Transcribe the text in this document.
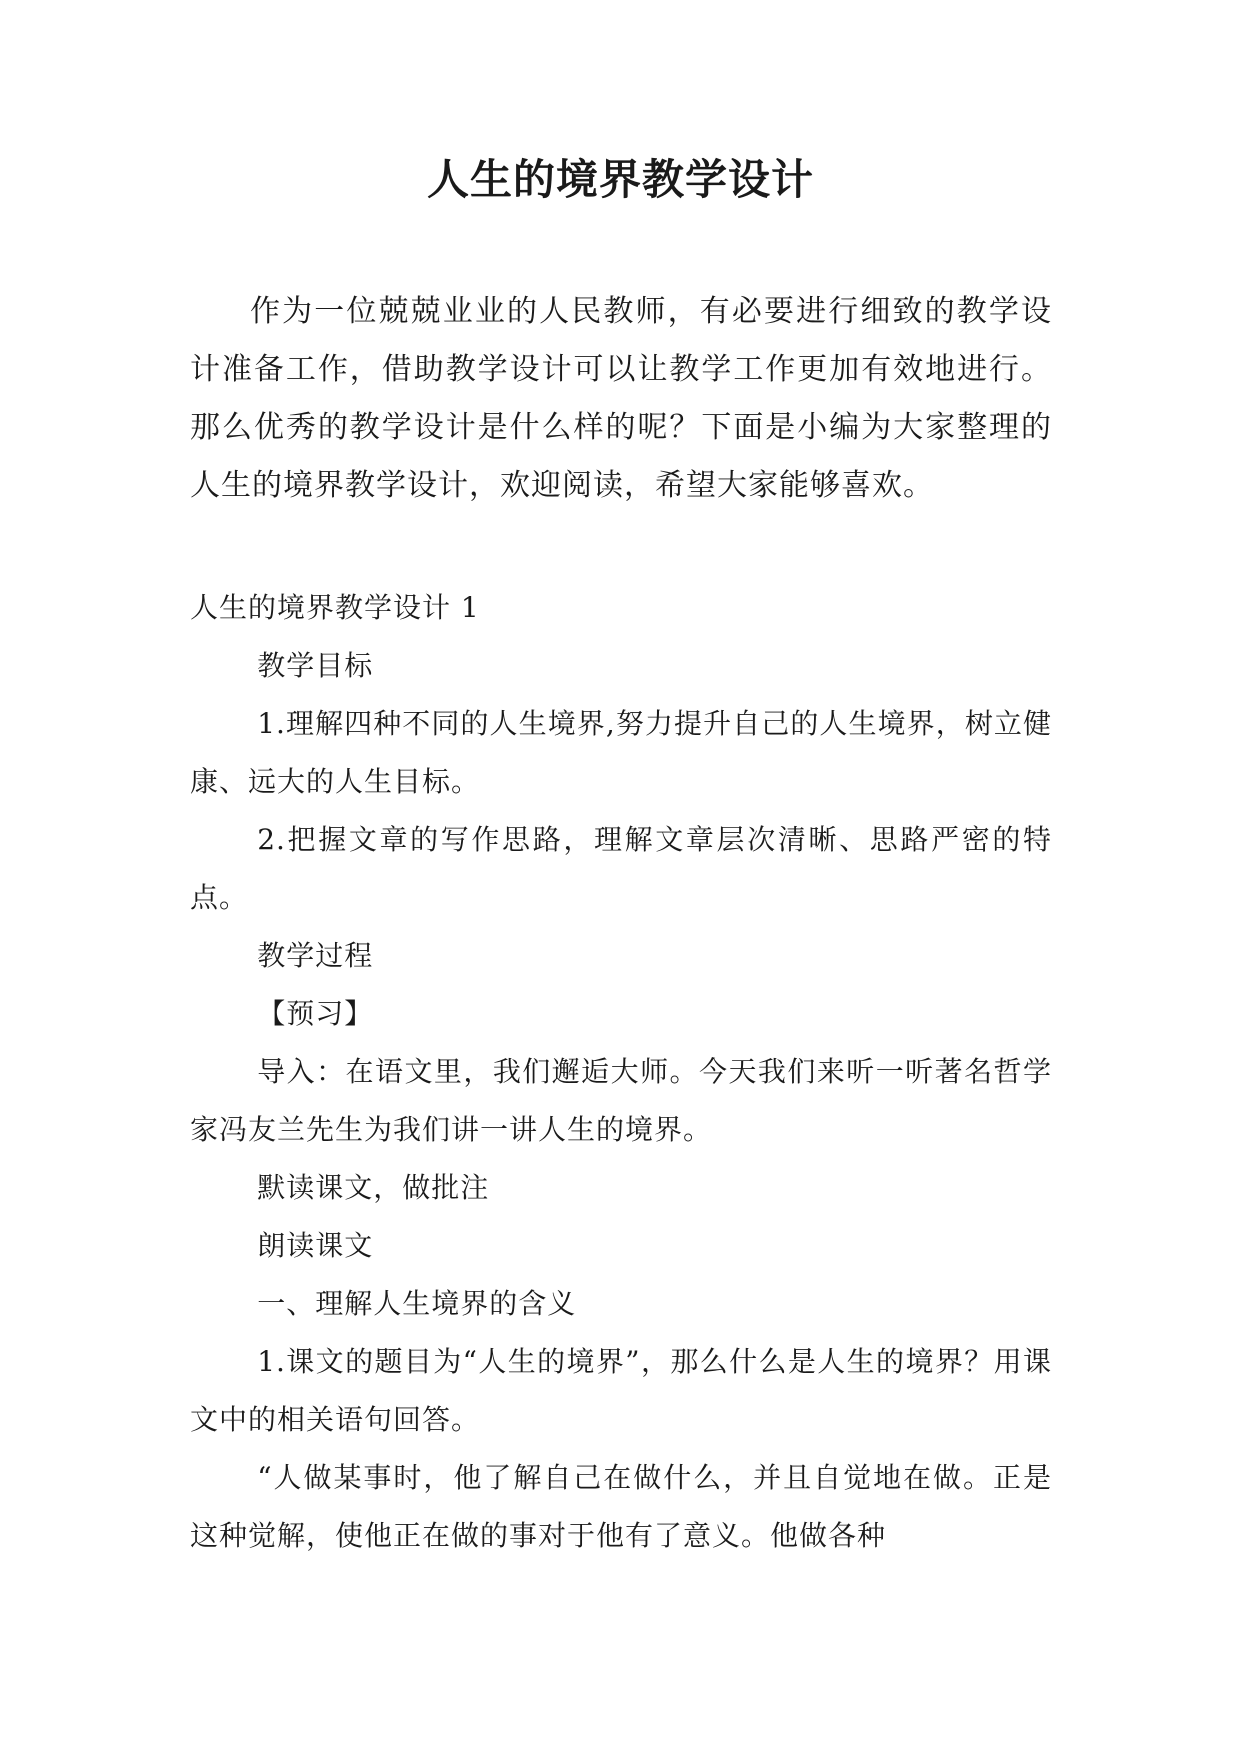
人生的境界教学设计

作为一位兢兢业业的人民教师，有必要进行细致的教学设计准备工作，借助教学设计可以让教学工作更加有效地进行。那么优秀的教学设计是什么样的呢？下面是小编为大家整理的人生的境界教学设计，欢迎阅读，希望大家能够喜欢。

人生的境界教学设计 1

教学目标

1.理解四种不同的人生境界,努力提升自己的人生境界，树立健康、远大的人生目标。

2.把握文章的写作思路，理解文章层次清晰、思路严密的特点。

教学过程

【预习】

导入：在语文里，我们邂逅大师。今天我们来听一听著名哲学家冯友兰先生为我们讲一讲人生的境界。

默读课文，做批注

朗读课文

一、理解人生境界的含义

1.课文的题目为“人生的境界”，那么什么是人生的境界？用课文中的相关语句回答。

“人做某事时，他了解自己在做什么，并且自觉地在做。正是这种觉解，使他正在做的事对于他有了意义。他做各种
